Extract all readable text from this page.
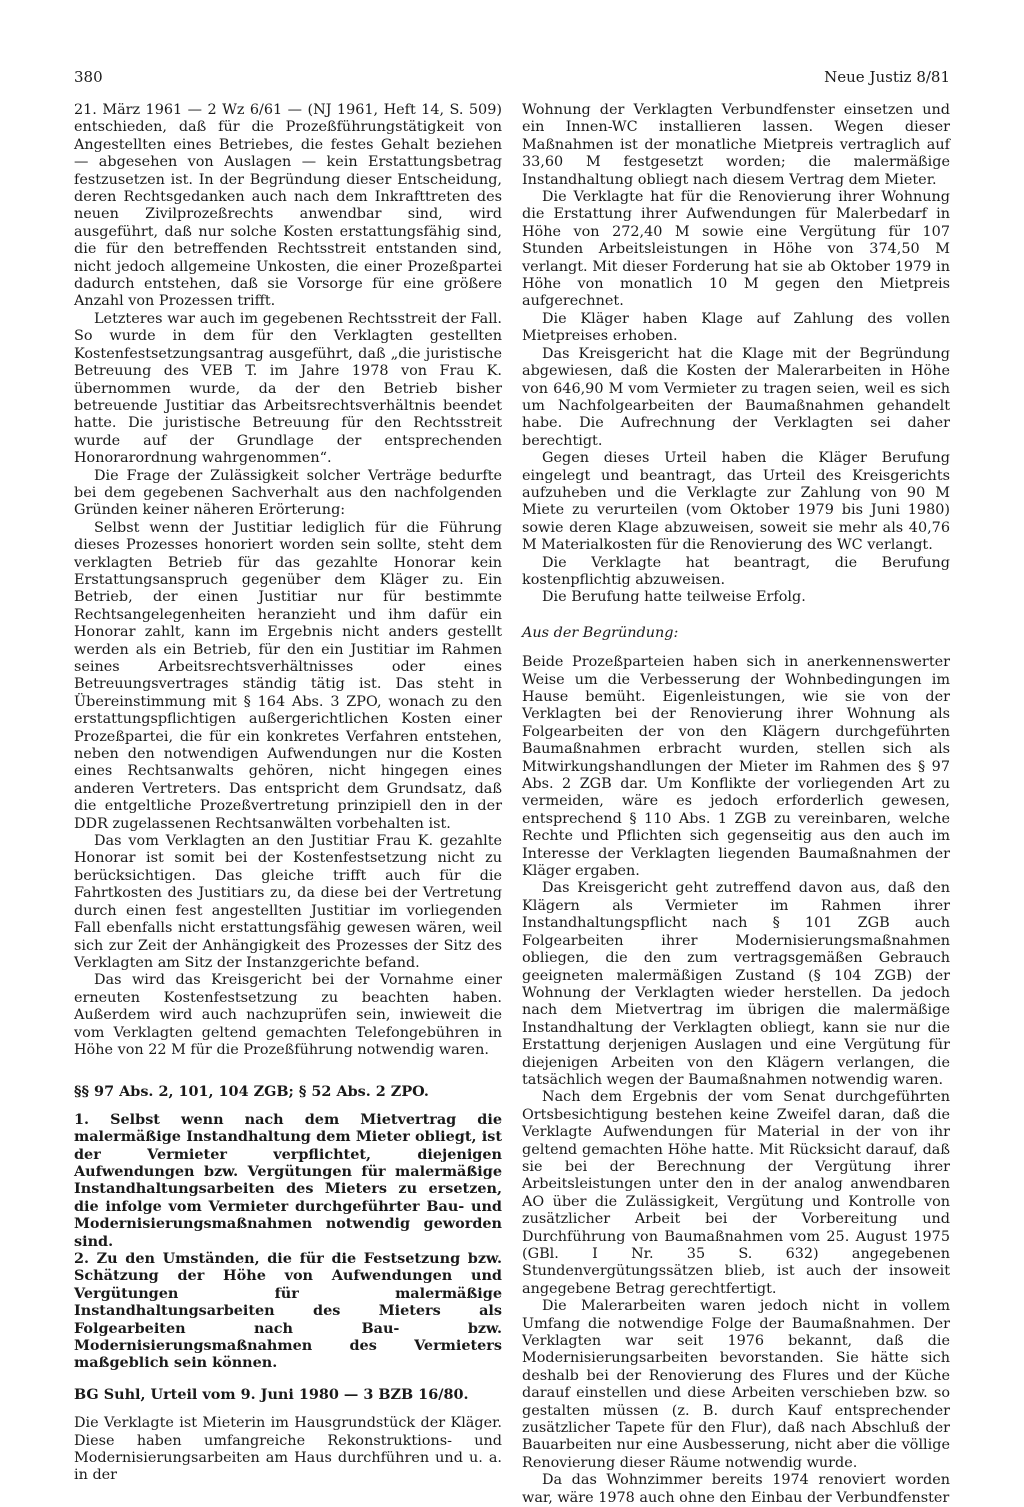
380	Neue Justiz 8/81

21. März 1961 — 2 Wz 6/61 — (NJ 1961, Heft 14, S. 509) entschieden, daß für die Prozeßführungstätigkeit von Angestellten eines Betriebes, die festes Gehalt beziehen — abgesehen von Auslagen — kein Erstattungsbetrag festzusetzen ist. In der Begründung dieser Entscheidung, deren Rechtsgedanken auch nach dem Inkrafttreten des neuen Zivilprozeßrechts anwendbar sind, wird ausgeführt, daß nur solche Kosten erstattungsfähig sind, die für den betreffenden Rechtsstreit entstanden sind, nicht jedoch allgemeine Unkosten, die einer Prozeßpartei dadurch entstehen, daß sie Vorsorge für eine größere Anzahl von Prozessen trifft.

Letzteres war auch im gegebenen Rechtsstreit der Fall. So wurde in dem für den Verklagten gestellten Kostenfestsetzungsantrag ausgeführt, daß „die juristische Betreuung des VEB T. im Jahre 1978 von Frau K. übernommen wurde, da der den Betrieb bisher betreuende Justitiar das Arbeitsrechtsverhältnis beendet hatte. Die juristische Betreuung für den Rechtsstreit wurde auf der Grundlage der entsprechenden Honorarordnung wahrgenommen“.

Die Frage der Zulässigkeit solcher Verträge bedurfte bei dem gegebenen Sachverhalt aus den nachfolgenden Gründen keiner näheren Erörterung:

Selbst wenn der Justitiar lediglich für die Führung dieses Prozesses honoriert worden sein sollte, steht dem verklagten Betrieb für das gezahlte Honorar kein Erstattungsanspruch gegenüber dem Kläger zu. Ein Betrieb, der einen Justitiar nur für bestimmte Rechtsangelegenheiten heranzieht und ihm dafür ein Honorar zahlt, kann im Ergebnis nicht anders gestellt werden als ein Betrieb, für den ein Justitiar im Rahmen seines Arbeitsrechtsverhältnisses oder eines Betreuungsvertrages ständig tätig ist. Das steht in Übereinstimmung mit § 164 Abs. 3 ZPO, wonach zu den erstattungspflichtigen außergerichtlichen Kosten einer Prozeßpartei, die für ein konkretes Verfahren entstehen, neben den notwendigen Aufwendungen nur die Kosten eines Rechtsanwalts gehören, nicht hingegen eines anderen Vertreters. Das entspricht dem Grundsatz, daß die entgeltliche Prozeßvertretung prinzipiell den in der DDR zugelassenen Rechtsanwälten vorbehalten ist.

Das vom Verklagten an den Justitiar Frau K. gezahlte Honorar ist somit bei der Kostenfestsetzung nicht zu berücksichtigen. Das gleiche trifft auch für die Fahrtkosten des Justitiars zu, da diese bei der Vertretung durch einen fest angestellten Justitiar im vorliegenden Fall ebenfalls nicht erstattungsfähig gewesen wären, weil sich zur Zeit der Anhängigkeit des Prozesses der Sitz des Verklagten am Sitz der Instanzgerichte befand.

Das wird das Kreisgericht bei der Vornahme einer erneuten Kostenfestsetzung zu beachten haben. Außerdem wird auch nachzuprüfen sein, inwieweit die vom Verklagten geltend gemachten Telefongebühren in Höhe von 22 M für die Prozeßführung notwendig waren.

§§ 97 Abs. 2, 101, 104 ZGB; § 52 Abs. 2 ZPO.

1. Selbst wenn nach dem Mietvertrag die malermäßige Instandhaltung dem Mieter obliegt, ist der Vermieter verpflichtet, diejenigen Aufwendungen bzw. Vergütungen für malermäßige Instandhaltungsarbeiten des Mieters zu ersetzen, die infolge vom Vermieter durchgeführter Bau- und Modernisierungsmaßnahmen notwendig geworden sind.

2. Zu den Umständen, die für die Festsetzung bzw. Schätzung der Höhe von Aufwendungen und Vergütungen für malermäßige Instandhaltungsarbeiten des Mieters als Folgearbeiten nach Bau- bzw. Modernisierungsmaßnahmen des Vermieters maßgeblich sein können.

BG Suhl, Urteil vom 9. Juni 1980 — 3 BZB 16/80.

Die Verklagte ist Mieterin im Hausgrundstück der Kläger. Diese haben umfangreiche Rekonstruktions- und Modernisierungsarbeiten am Haus durchführen und u. a. in der

Wohnung der Verklagten Verbundfenster einsetzen und ein Innen-WC installieren lassen. Wegen dieser Maßnahmen ist der monatliche Mietpreis vertraglich auf 33,60 M festgesetzt worden; die malermäßige Instandhaltung obliegt nach diesem Vertrag dem Mieter.

Die Verklagte hat für die Renovierung ihrer Wohnung die Erstattung ihrer Aufwendungen für Malerbedarf in Höhe von 272,40 M sowie eine Vergütung für 107 Stunden Arbeitsleistungen in Höhe von 374,50 M verlangt. Mit dieser Forderung hat sie ab Oktober 1979 in Höhe von monatlich 10 M gegen den Mietpreis aufgerechnet.

Die Kläger haben Klage auf Zahlung des vollen Mietpreises erhoben.

Das Kreisgericht hat die Klage mit der Begründung abgewiesen, daß die Kosten der Malerarbeiten in Höhe von 646,90 M vom Vermieter zu tragen seien, weil es sich um Nachfolgearbeiten der Baumaßnahmen gehandelt habe. Die Aufrechnung der Verklagten sei daher berechtigt.

Gegen dieses Urteil haben die Kläger Berufung eingelegt und beantragt, das Urteil des Kreisgerichts aufzuheben und die Verklagte zur Zahlung von 90 M Miete zu verurteilen (vom Oktober 1979 bis Juni 1980) sowie deren Klage abzuweisen, soweit sie mehr als 40,76 M Materialkosten für die Renovierung des WC verlangt.

Die Verklagte hat beantragt, die Berufung kostenpflichtig abzuweisen.

Die Berufung hatte teilweise Erfolg.

Aus der Begründung:

Beide Prozeßparteien haben sich in anerkennenswerter Weise um die Verbesserung der Wohnbedingungen im Hause bemüht. Eigenleistungen, wie sie von der Verklagten bei der Renovierung ihrer Wohnung als Folgearbeiten der von den Klägern durchgeführten Baumaßnahmen erbracht wurden, stellen sich als Mitwirkungshandlungen der Mieter im Rahmen des § 97 Abs. 2 ZGB dar. Um Konflikte der vorliegenden Art zu vermeiden, wäre es jedoch erforderlich gewesen, entsprechend § 110 Abs. 1 ZGB zu vereinbaren, welche Rechte und Pflichten sich gegenseitig aus den auch im Interesse der Verklagten liegenden Baumaßnahmen der Kläger ergaben.

Das Kreisgericht geht zutreffend davon aus, daß den Klägern als Vermieter im Rahmen ihrer Instandhaltungspflicht nach § 101 ZGB auch Folgearbeiten ihrer Modernisierungsmaßnahmen obliegen, die den zum vertragsgemäßen Gebrauch geeigneten malermäßigen Zustand (§ 104 ZGB) der Wohnung der Verklagten wieder herstellen. Da jedoch nach dem Mietvertrag im übrigen die malermäßige Instandhaltung der Verklagten obliegt, kann sie nur die Erstattung derjenigen Auslagen und eine Vergütung für diejenigen Arbeiten von den Klägern verlangen, die tatsächlich wegen der Baumaßnahmen notwendig waren.

Nach dem Ergebnis der vom Senat durchgeführten Ortsbesichtigung bestehen keine Zweifel daran, daß die Verklagte Aufwendungen für Material in der von ihr geltend gemachten Höhe hatte. Mit Rücksicht darauf, daß sie bei der Berechnung der Vergütung ihrer Arbeitsleistungen unter den in der analog anwendbaren AO über die Zulässigkeit, Vergütung und Kontrolle von zusätzlicher Arbeit bei der Vorbereitung und Durchführung von Baumaßnahmen vom 25. August 1975 (GBl. I Nr. 35 S. 632) angegebenen Stundenvergütungssätzen blieb, ist auch der insoweit angegebene Betrag gerechtfertigt.

Die Malerarbeiten waren jedoch nicht in vollem Umfang die notwendige Folge der Baumaßnahmen. Der Verklagten war seit 1976 bekannt, daß die Modernisierungsarbeiten bevorstanden. Sie hätte sich deshalb bei der Renovierung des Flures und der Küche darauf einstellen und diese Arbeiten verschieben bzw. so gestalten müssen (z. B. durch Kauf entsprechender zusätzlicher Tapete für den Flur), daß nach Abschluß der Bauarbeiten nur eine Ausbesserung, nicht aber die völlige Renovierung dieser Räume notwendig wurde.

Da das Wohnzimmer bereits 1974 renoviert worden war, wäre 1978 auch ohne den Einbau der Verbundfenster
